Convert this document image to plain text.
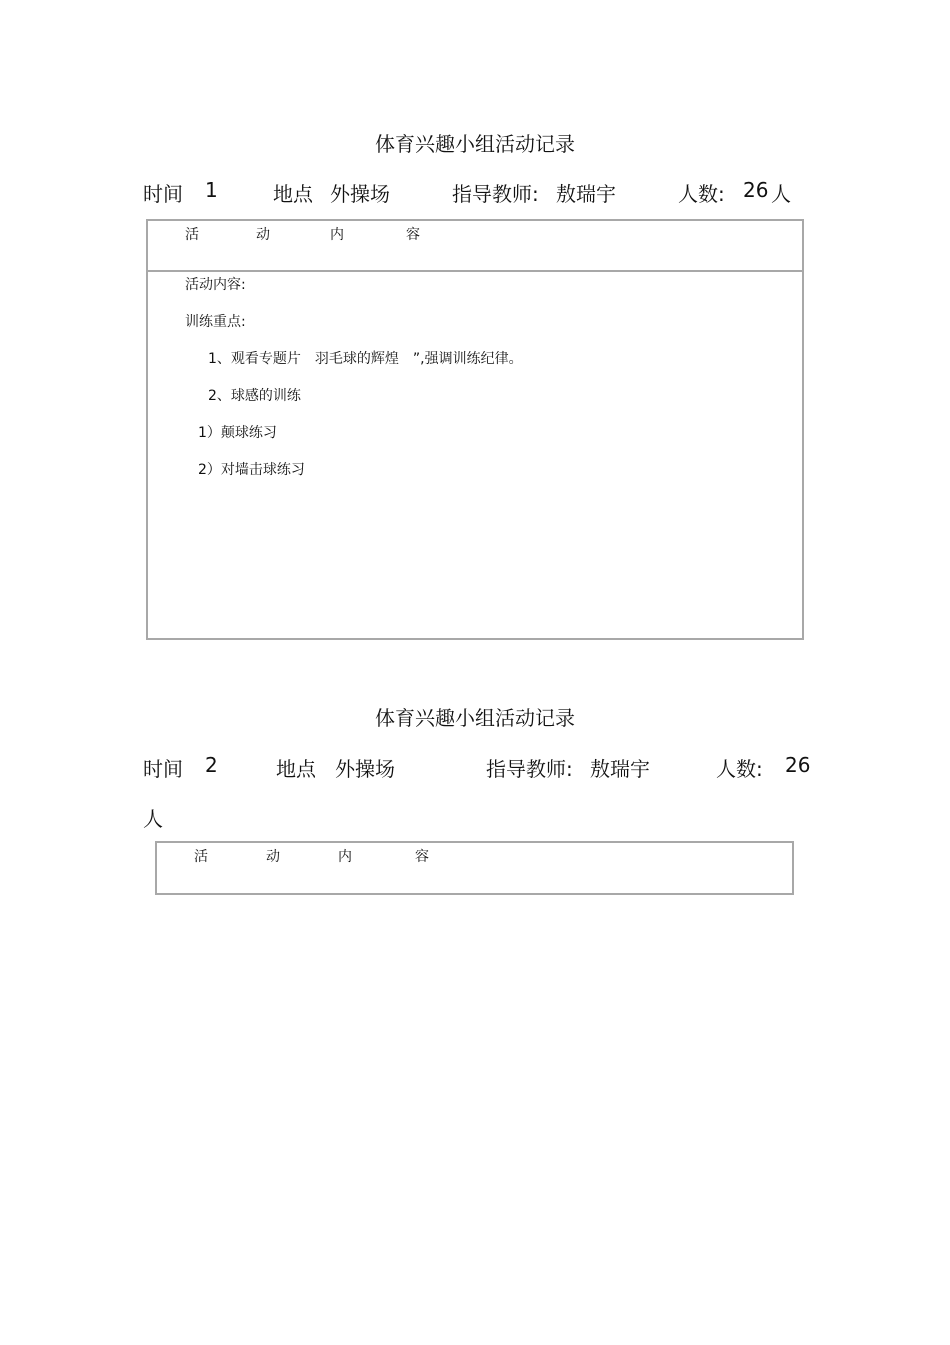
体育兴趣小组活动记录
时间 1	地点 外操场	指导教师: 敖瑞宇	人数: 26 人
活	动	内	容
活动内容:
训练重点:
1、观看专题片　羽毛球的辉煌　”,强调训练纪律。
2、球感的训练
1）颠球练习
2）对墙击球练习
体育兴趣小组活动记录
时间 2	地点 外操场	指导教师: 敖瑞宇	人数: 26
人
活	动	内	容
